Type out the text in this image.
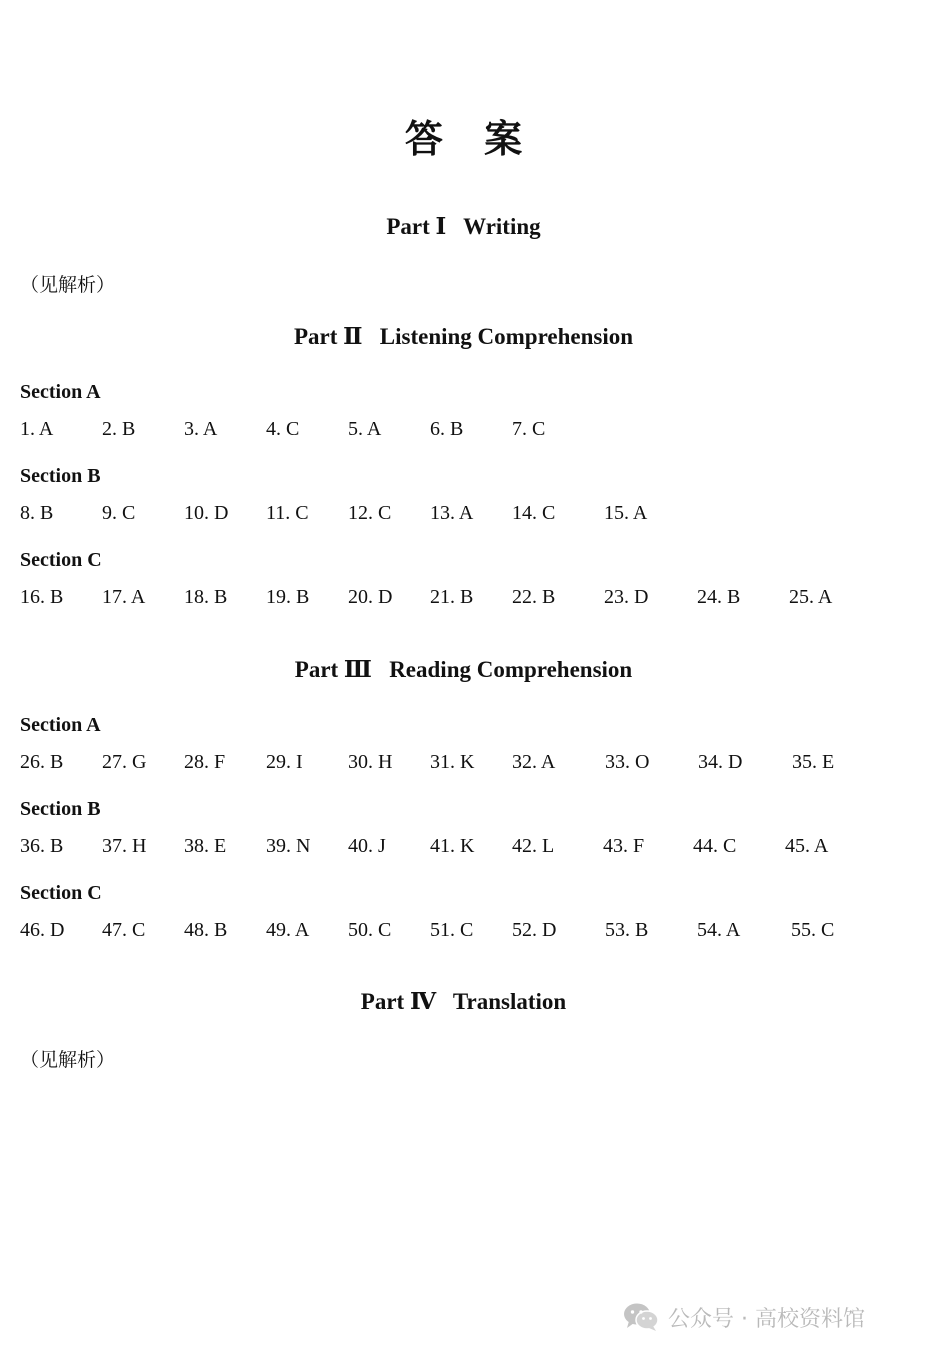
答 案
Part Ⅰ   Writing
（见解析）
Part Ⅱ   Listening Comprehension
Section A
1. A 2. B 3. A 4. C 5. A 6. B 7. C
Section B
8. B 9. C 10. D 11. C 12. C 13. A 14. C 15. A
Section C
16. B 17. A 18. B 19. B 20. D 21. B 22. B 23. D 24. B 25. A
Part Ⅲ   Reading Comprehension
Section A
26. B 27. G 28. F 29. I 30. H 31. K 32. A 33. O 34. D 35. E
Section B
36. B 37. H 38. E 39. N 40. J 41. K 42. L 43. F 44. C 45. A
Section C
46. D 47. C 48. B 49. A 50. C 51. C 52. D 53. B 54. A	55. C
Part Ⅳ   Translation
（见解析）
公众号 · 高校资料馆
